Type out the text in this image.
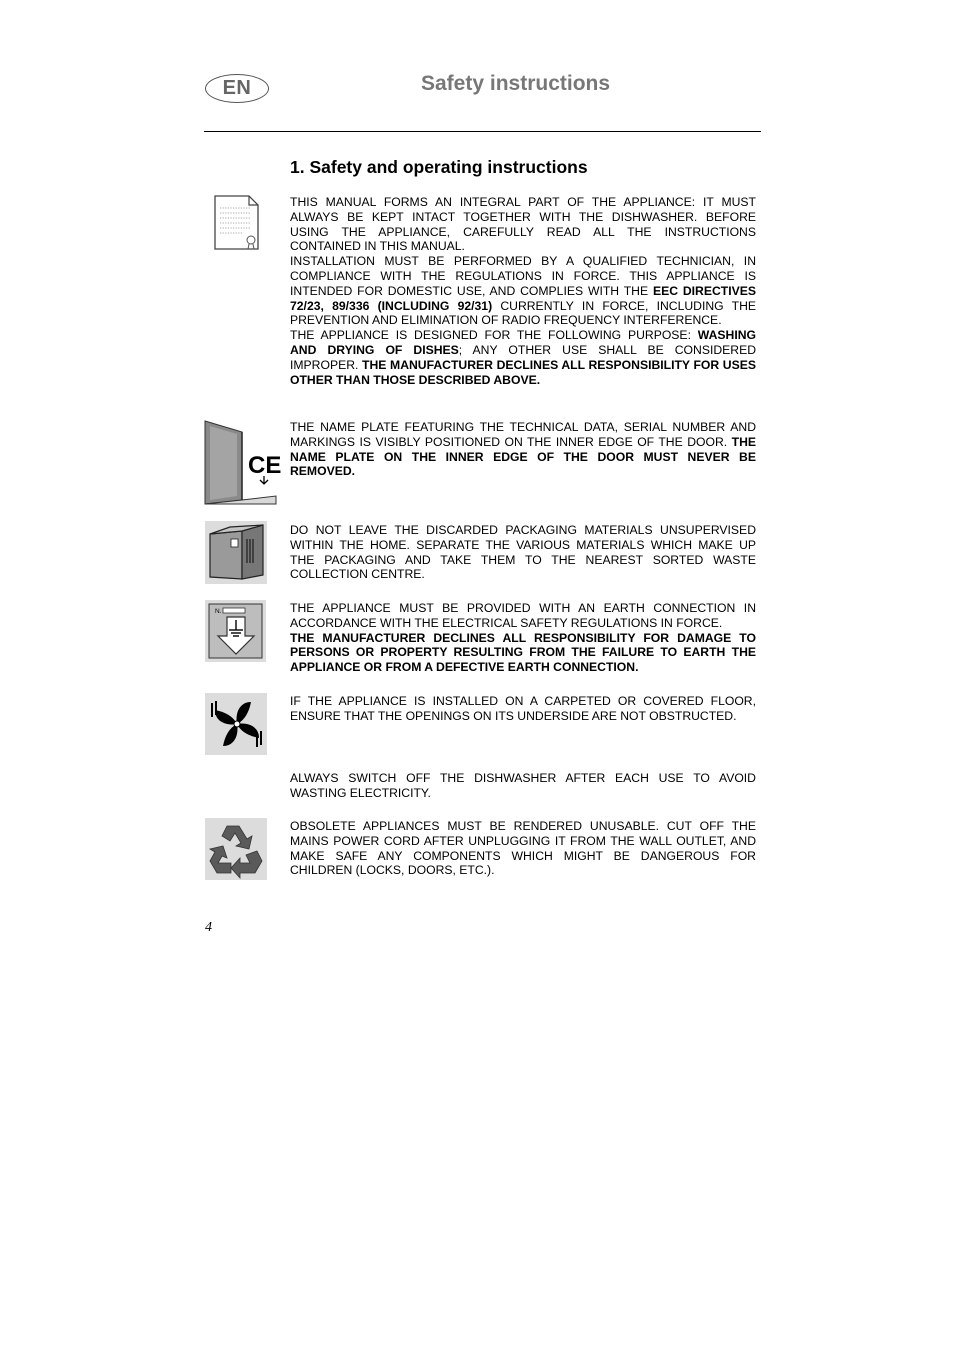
EN	Safety instructions
1. Safety and operating instructions

THIS MANUAL FORMS AN INTEGRAL PART OF THE APPLIANCE: IT MUST ALWAYS BE KEPT INTACT TOGETHER WITH THE DISHWASHER. BEFORE USING THE APPLIANCE, CAREFULLY READ ALL THE INSTRUCTIONS CONTAINED IN THIS MANUAL.
INSTALLATION MUST BE PERFORMED BY A QUALIFIED TECHNICIAN, IN COMPLIANCE WITH THE REGULATIONS IN FORCE. THIS APPLIANCE IS INTENDED FOR DOMESTIC USE, AND COMPLIES WITH THE EEC DIRECTIVES 72/23, 89/336 (INCLUDING 92/31) CURRENTLY IN FORCE, INCLUDING THE PREVENTION AND ELIMINATION OF RADIO FREQUENCY INTERFERENCE.
THE APPLIANCE IS DESIGNED FOR THE FOLLOWING PURPOSE: WASHING AND DRYING OF DISHES; ANY OTHER USE SHALL BE CONSIDERED IMPROPER. THE MANUFACTURER DECLINES ALL RESPONSIBILITY FOR USES OTHER THAN THOSE DESCRIBED ABOVE.

CE

THE NAME PLATE FEATURING THE TECHNICAL DATA, SERIAL NUMBER AND MARKINGS IS VISIBLY POSITIONED ON THE INNER EDGE OF THE DOOR. THE NAME PLATE ON THE INNER EDGE OF THE DOOR MUST NEVER BE REMOVED.

DO NOT LEAVE THE DISCARDED PACKAGING MATERIALS UNSUPERVISED WITHIN THE HOME. SEPARATE THE VARIOUS MATERIALS WHICH MAKE UP THE PACKAGING AND TAKE THEM TO THE NEAREST SORTED WASTE COLLECTION CENTRE.

N.	THE APPLIANCE MUST BE PROVIDED WITH AN EARTH CONNECTION IN ACCORDANCE WITH THE ELECTRICAL SAFETY REGULATIONS IN FORCE.
THE MANUFACTURER DECLINES ALL RESPONSIBILITY FOR DAMAGE TO PERSONS OR PROPERTY RESULTING FROM THE FAILURE TO EARTH THE APPLIANCE OR FROM A DEFECTIVE EARTH CONNECTION.

IF THE APPLIANCE IS INSTALLED ON A CARPETED OR COVERED FLOOR, ENSURE THAT THE OPENINGS ON ITS UNDERSIDE ARE NOT OBSTRUCTED.

ALWAYS SWITCH OFF THE DISHWASHER AFTER EACH USE TO AVOID WASTING ELECTRICITY.

OBSOLETE APPLIANCES MUST BE RENDERED UNUSABLE. CUT OFF THE MAINS POWER CORD AFTER UNPLUGGING IT FROM THE WALL OUTLET, AND MAKE SAFE ANY COMPONENTS WHICH MIGHT BE DANGEROUS FOR CHILDREN (LOCKS, DOORS, ETC.).

4
